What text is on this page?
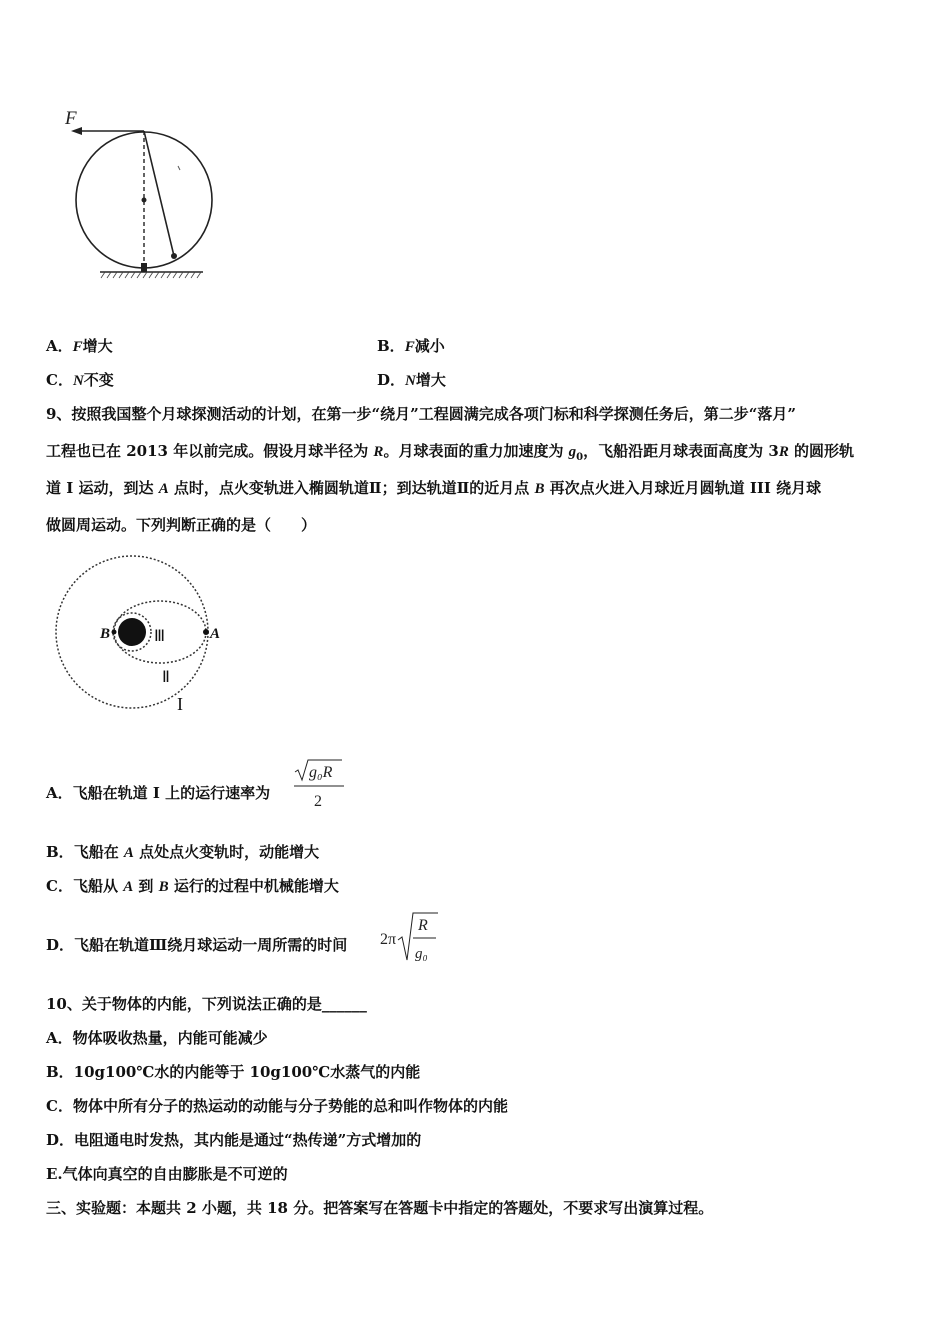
F
A．F增大	B．F减小
C．N不变	D．N增大
9、按照我国整个月球探测活动的计划，在第一步“绕月”工程圆满完成各项门标和科学探测任务后，第二步“落月”
工程也已在 2013 年以前完成。假设月球半径为 R。月球表面的重力加速度为 $g_0$，飞船沿距月球表面高度为 3R 的圆形轨
道 I 运动，到达 A 点时，点火变轨进入椭圆轨道Ⅱ；到达轨道Ⅱ的近月点 B 再次点火进入月球近月圆轨道 III 绕月球
做圆周运动。下列判断正确的是（　　）
B	A
Ⅲ
Ⅱ
I
A．飞船在轨道 I 上的运行速率为
g₀R
2
B．飞船在 A 点处点火变轨时，动能增大
C．飞船从 A 到 B 运行的过程中机械能增大
D．飞船在轨道Ⅲ绕月球运动一周所需的时间 2π
R
g₀
10、关于物体的内能，下列说法正确的是______
A．物体吸收热量，内能可能减少
B．10g100℃水的内能等于 10g100℃水蒸气的内能
C．物体中所有分子的热运动的动能与分子势能的总和叫作物体的内能
D．电阻通电时发热，其内能是通过“热传递”方式增加的
E.气体向真空的自由膨胀是不可逆的
三、实验题：本题共 2 小题，共 18 分。把答案写在答题卡中指定的答题处，不要求写出演算过程。
